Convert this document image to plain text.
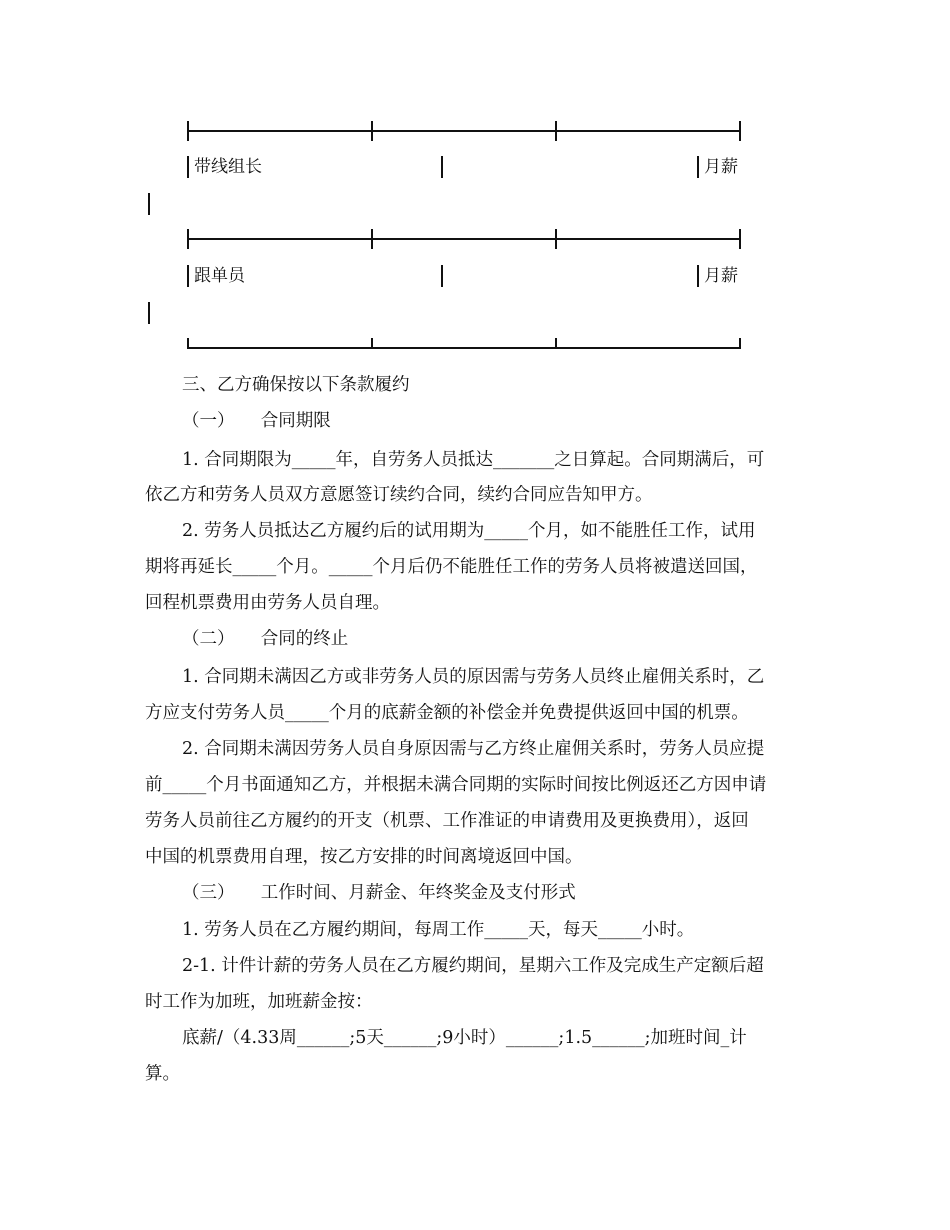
带线组长	月薪
跟单员	月薪
三、乙方确保按以下条款履约
（一）　　合同期限
1. 合同期限为_____年，自劳务人员抵达_______之日算起。合同期满后，可
依乙方和劳务人员双方意愿签订续约合同，续约合同应告知甲方。
2. 劳务人员抵达乙方履约后的试用期为_____个月，如不能胜任工作，试用
期将再延长_____个月。_____个月后仍不能胜任工作的劳务人员将被遣送回国，
回程机票费用由劳务人员自理。
（二）　　合同的终止
1. 合同期未满因乙方或非劳务人员的原因需与劳务人员终止雇佣关系时，乙
方应支付劳务人员_____个月的底薪金额的补偿金并免费提供返回中国的机票。
2. 合同期未满因劳务人员自身原因需与乙方终止雇佣关系时，劳务人员应提
前_____个月书面通知乙方，并根据未满合同期的实际时间按比例返还乙方因申请
劳务人员前往乙方履约的开支（机票、工作准证的申请费用及更换费用），返回
中国的机票费用自理，按乙方安排的时间离境返回中国。
（三）　　工作时间、月薪金、年终奖金及支付形式
1. 劳务人员在乙方履约期间，每周工作_____天，每天_____小时。
2-1. 计件计薪的劳务人员在乙方履约期间，星期六工作及完成生产定额后超
时工作为加班，加班薪金按：
底薪/（4.33周______;5天______;9小时）______;1.5______;加班时间_计
算。
